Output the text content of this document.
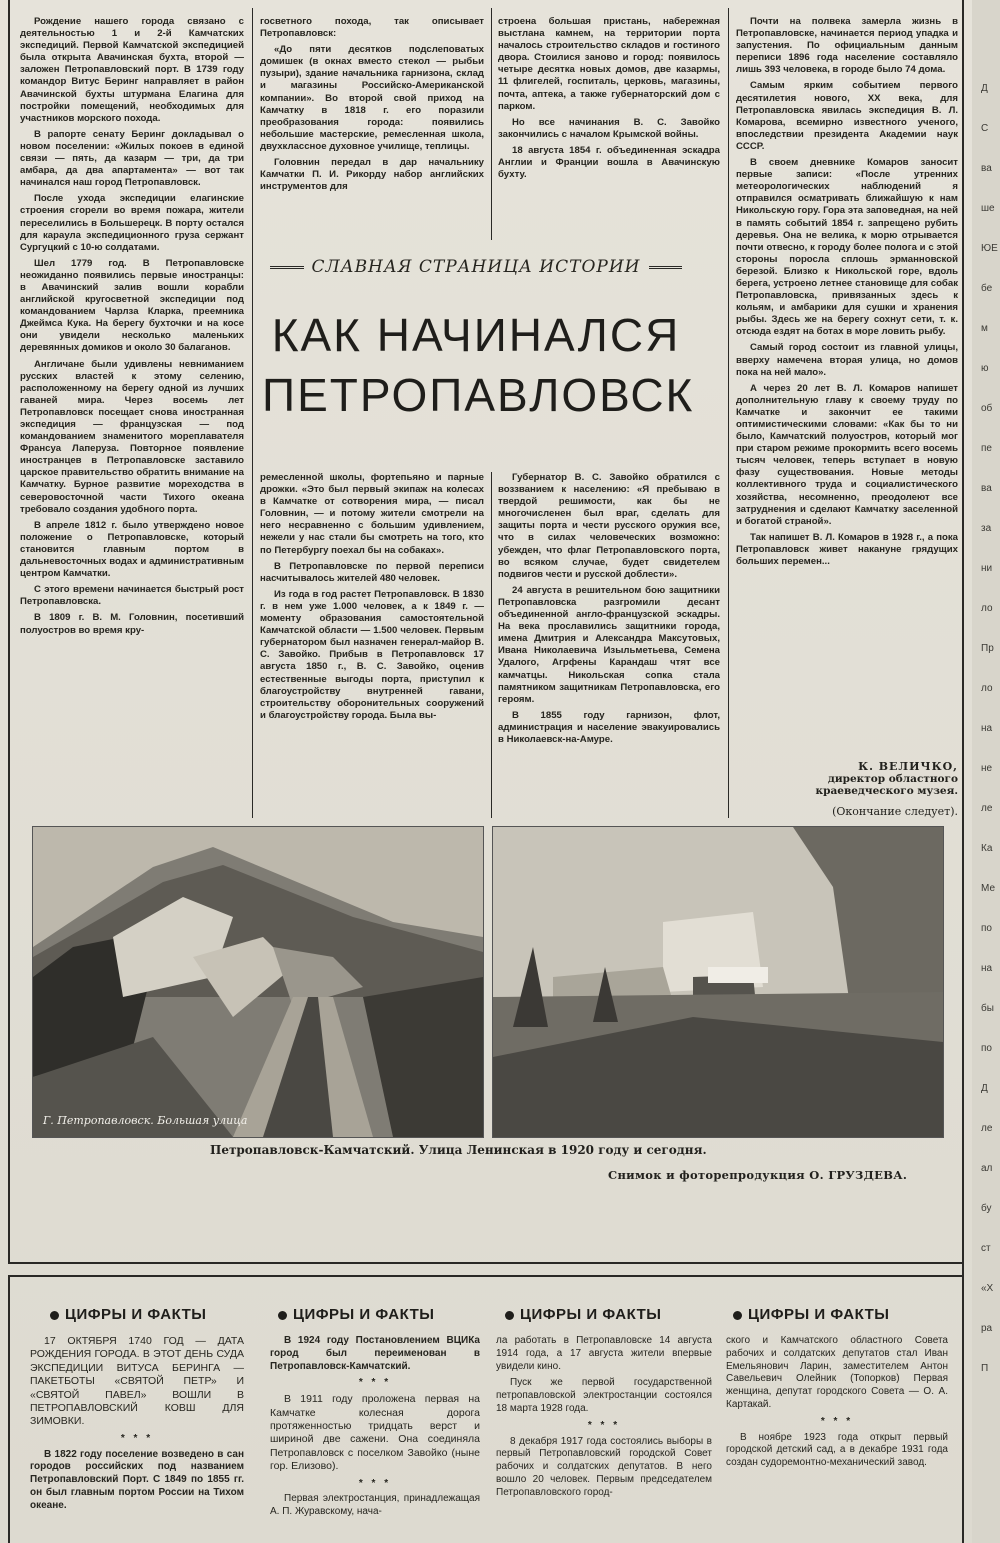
Рождение нашего города связано с деятельностью 1 и 2-й Камчатских экспедиций. Первой Камчатской экспедицией была открыта Авачинская бухта, второй — заложен Петропавловский порт. В 1739 году командор Витус Беринг направляет в район Авачинской бухты штурмана Елагина для постройки помещений, необходимых для участников морского похода.

В рапорте сенату Беринг докладывал о новом поселении: «Жилых покоев в единой связи — пять, да казарм — три, да три амбара, да два апартамента» — вот так начинался наш город Петропавловск.

После ухода экспедиции елагинские строения сгорели во время пожара, жители переселились в Большерецк. В порту остался для караула экспедиционного груза сержант Сургуцкий с 10-ю солдатами.

Шел 1779 год. В Петропавловске неожиданно появились первые иностранцы: в Авачинский залив вошли корабли английской кругосветной экспедиции под командованием Чарлза Кларка, преемника Джеймса Кука. На берегу бухточки и на косе они увидели несколько маленьких деревянных домиков и около 30 балаганов.

Англичане были удивлены невниманием русских властей к этому селению, расположенному на берегу одной из лучших гаваней мира. Через восемь лет Петропавловск посещает снова иностранная экспедиция — французская — под командованием знаменитого мореплавателя Франсуа Лаперуза. Повторное появление иностранцев в Петропавловске заставило царское правительство обратить внимание на Камчатку. Бурное развитие мореходства в северовосточной части Тихого океана требовало создания удобного порта.

В апреле 1812 г. было утверждено новое положение о Петропавловске, который становится главным портом в дальневосточных водах и административным центром Камчатки.

С этого времени начинается быстрый рост Петропавловска.

В 1809 г. В. М. Головнин, посетивший полуостров во время кру-

госветного похода, так описывает Петропавловск:

«До пяти десятков подслеповатых домишек (в окнах вместо стекол — рыбьи пузыри), здание начальника гарнизона, склад и магазины Российско-Американской компании». Во второй свой приход на Камчатку в 1818 г. его поразили преобразования города: появились небольшие мастерские, ремесленная школа, двухклассное духовное училище, теплицы.

Головнин передал в дар начальнику Камчатки П. И. Рикорду набор английских инструментов для

строена большая пристань, набережная выстлана камнем, на территории порта началось строительство складов и гостиного двора. Стоилися заново и город: появилось четыре десятка новых домов, две казармы, 11 флигелей, госпиталь, церковь, магазины, почта, аптека, а также губернаторский дом с парком.

Но все начинания В. С. Завойко закончились с началом Крымской войны.

18 августа 1854 г. объединенная эскадра Англии и Франции вошла в Авачинскую бухту.

СЛАВНАЯ СТРАНИЦА ИСТОРИИ
КАК НАЧИНАЛСЯ
ПЕТРОПАВЛОВСК

ремесленной школы, фортепьяно и парные дрожки. «Это был первый экипаж на колесах в Камчатке от сотворения мира, — писал Головнин, — и потому жители смотрели на него несравненно с большим удивлением, нежели у нас стали бы смотреть на того, кто по Петербургу поехал бы на собаках».

В Петропавловске по первой переписи насчитывалось жителей 480 человек.

Из года в год растет Петропавловск. В 1830 г. в нем уже 1.000 человек, а к 1849 г. — моменту образования самостоятельной Камчатской области — 1.500 человек. Первым губернатором был назначен генерал-майор В. С. Завойко. Прибыв в Петропавловск 17 августа 1850 г., В. С. Завойко, оценив естественные выгоды порта, приступил к благоустройству внутренней гавани, строительству оборонительных сооружений и благоустройству города. Была вы-

Губернатор В. С. Завойко обратился с воззванием к населению: «Я пребываю в твердой решимости, как бы не многочисленен был враг, сделать для защиты порта и чести русского оружия все, что в силах человеческих возможно: убежден, что флаг Петропавловского порта, во всяком случае, будет свидетелем подвигов чести и русской доблести».

24 августа в решительном бою защитники Петропавловска разгромили десант объединенной англо-французской эскадры. На века прославились защитники города, имена Дмитрия и Александра Максутовых, Ивана Николаевича Изыльметьева, Семена Удалого, Агрфены Карандаш чтят все камчатцы. Никольская сопка стала памятником защитникам Петропавловска, его героям.

В 1855 году гарнизон, флот, администрация и население эвакуировались в Николаевск-на-Амуре.

Почти на полвека замерла жизнь в Петропавловске, начинается период упадка и запустения. По официальным данным переписи 1896 года население составляло лишь 393 человека, в городе было 74 дома.

Самым ярким событием первого десятилетия нового, XX века, для Петропавловска явилась экспедиция В. Л. Комарова, всемирно известного ученого, впоследствии президента Академии наук СССР.

В своем дневнике Комаров заносит первые записи: «После утренних метеорологических наблюдений я отправился осматривать ближайшую к нам Никольскую гору. Гора эта заповедная, на ней в память событий 1854 г. запрещено рубить деревья. Она не велика, к морю отрывается почти отвесно, к городу более полога и с этой стороны поросла сплошь эрманновской березой. Близко к Никольской горе, вдоль берега, устроено летнее становище для собак Петропавловска, привязанных здесь к кольям, и амбарики для сушки и хранения рыбы. Здесь же на берегу сохнут сети, т. к. отсюда ездят на ботах в море ловить рыбу.

Самый город состоит из главной улицы, вверху намечена вторая улица, но домов пока на ней мало».

А через 20 лет В. Л. Комаров напишет дополнительную главу к своему труду по Камчатке и закончит ее такими оптимистическими словами: «Как бы то ни было, Камчатский полуостров, который мог при старом режиме прокормить всего восемь тысяч человек, теперь вступает в новую фазу существования. Новые методы коллективного труда и социалистического хозяйства, несомненно, преодолеют все затруднения и сделают Камчатку заселенной и богатой страной».

Так напишет В. Л. Комаров в 1928 г., а пока Петропавловск живет накануне грядущих больших перемен...

К. ВЕЛИЧКО,
директор областного краеведческого музея.
(Окончание следует).
Г. Петропавловск. Большая улица
Петропавловск-Камчатский. Улица Ленинская в 1920 году и сегодня.
Снимок и фоторепродукция О. ГРУЗДЕВА.
ЦИФРЫ И ФАКТЫ	ЦИФРЫ И ФАКТЫ	ЦИФРЫ И ФАКТЫ	ЦИФРЫ И ФАКТЫ

17 ОКТЯБРЯ 1740 ГОД — ДАТА РОЖДЕНИЯ ГОРОДА. В ЭТОТ ДЕНЬ СУДА ЭКСПЕДИЦИИ ВИТУСА БЕРИНГА — ПАКЕТБОТЫ «СВЯТОЙ ПЕТР» И «СВЯТОЙ ПАВЕЛ» ВОШЛИ В ПЕТРОПАВЛОВСКИЙ КОВШ ДЛЯ ЗИМОВКИ.

* * *

В 1822 году поселение возведено в сан городов российских под названием Петропавловский Порт. С 1849 по 1855 гг. он был главным портом России на Тихом океане.

В 1924 году Постановлением ВЦИКа город был переименован в Петропавловск-Камчатский.

* * *

В 1911 году проложена первая на Камчатке колесная дорога протяженностью тридцать верст и шириной две сажени. Она соединяла Петропавловск с поселком Завойко (ныне гор. Елизово).

* * *

Первая электростанция, принадлежащая А. П. Журавскому, нача-

ла работать в Петропавловске 14 августа 1914 года, а 17 августа жители впервые увидели кино.

Пуск же первой государственной петропавловской электростанции состоялся 18 марта 1928 года.

* * *

8 декабря 1917 года состоялись выборы в первый Петропавловский городской Совет рабочих и солдатских депутатов. В него вошло 20 человек. Первым председателем Петропавловского город-

ского и Камчатского областного Совета рабочих и солдатских депутатов стал Иван Емельянович Ларин, заместителем Антон Савельевич Олейник (Топорков) Первая женщина, депутат городского Совета — О. А. Картакай.

* * *

В ноябре 1923 года открыт первый городской детский сад, а в декабре 1931 года создан судоремонтно-механический завод.

Д
С
ва
ше
ЮЕ
бе
м
ю
об
пе
ва
за
ни
ло
Пр
ло
на
не
ле
Ка
Ме
по
на
бы
по
Д
ле
ал
бу
ст
«Х
ра
П
